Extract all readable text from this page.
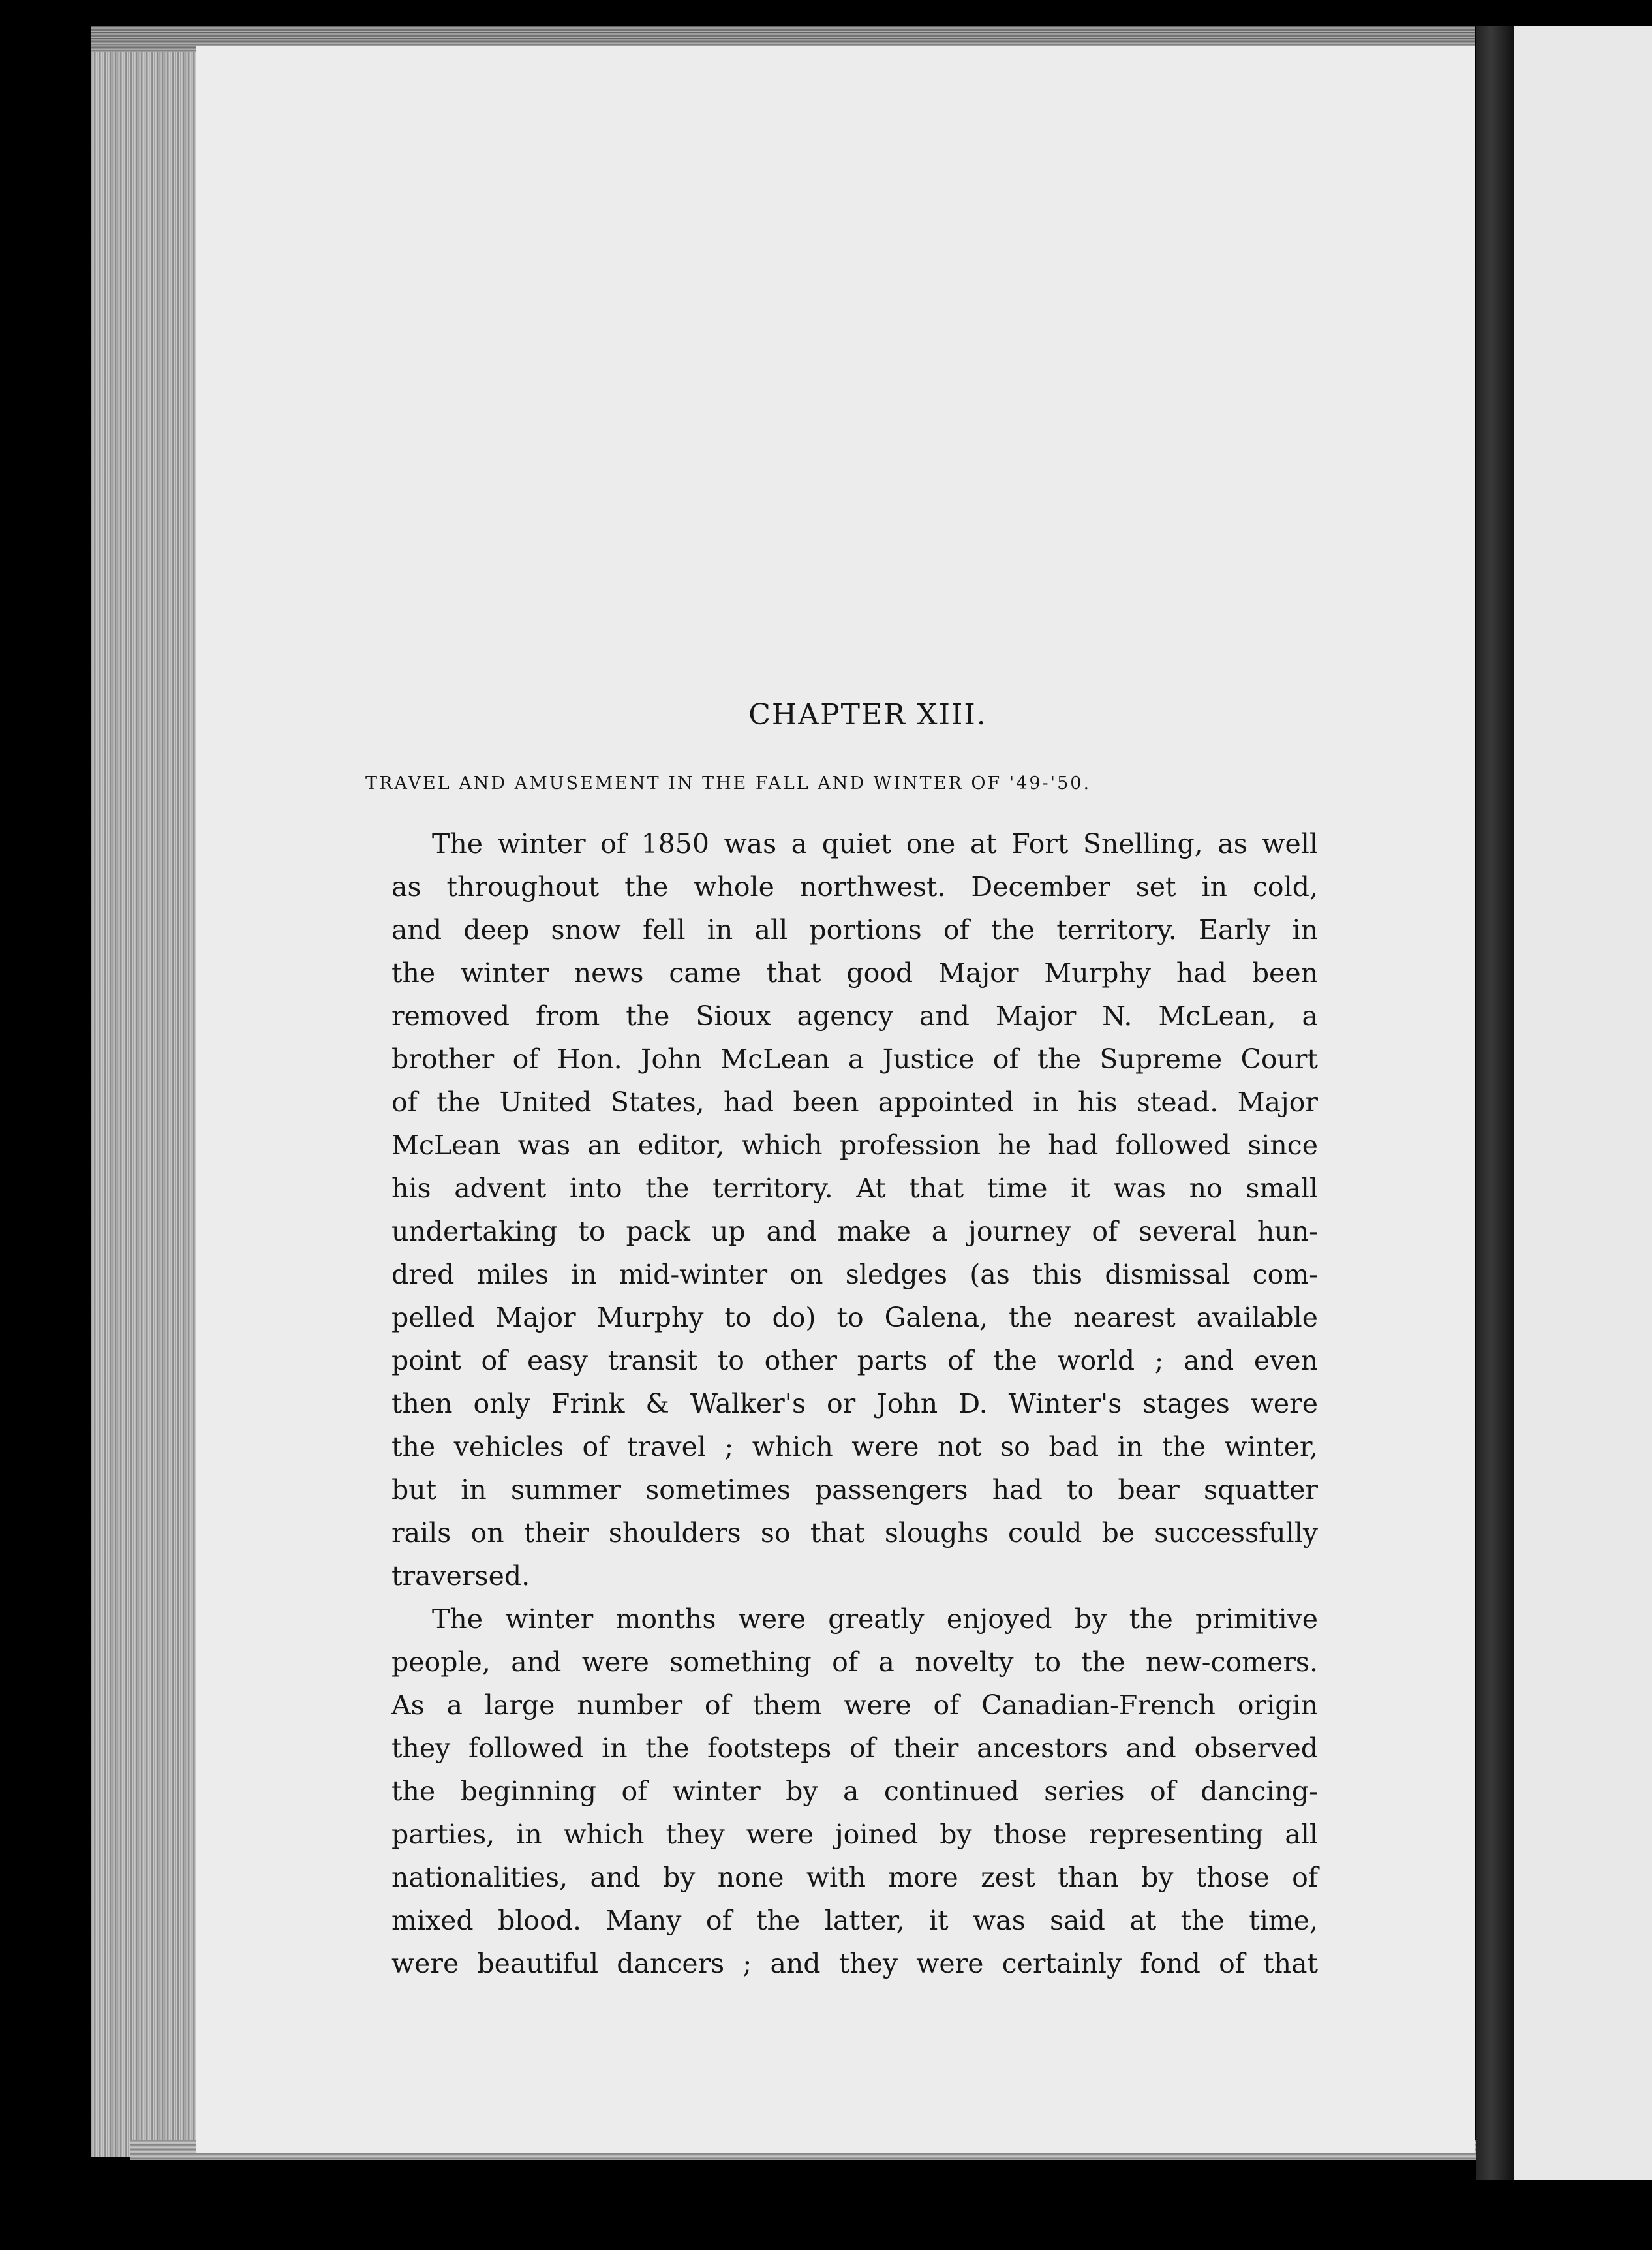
CHAPTER XIII.
TRAVEL AND AMUSEMENT IN THE FALL AND WINTER OF '49-'50.

The winter of 1850 was a quiet one at Fort Snelling, as well
as throughout the whole northwest. December set in cold,
and deep snow fell in all portions of the territory. Early in
the winter news came that good Major Murphy had been
removed from the Sioux agency and Major N. McLean, a
brother of Hon. John McLean a Justice of the Supreme Court
of the United States, had been appointed in his stead. Major
McLean was an editor, which profession he had followed since
his advent into the territory. At that time it was no small
undertaking to pack up and make a journey of several hun-
dred miles in mid-winter on sledges (as this dismissal com-
pelled Major Murphy to do) to Galena, the nearest available
point of easy transit to other parts of the world ; and even
then only Frink & Walker's or John D. Winter's stages were
the vehicles of travel ; which were not so bad in the winter,
but in summer sometimes passengers had to bear squatter
rails on their shoulders so that sloughs could be successfully
traversed.

The winter months were greatly enjoyed by the primitive
people, and were something of a novelty to the new-comers.
As a large number of them were of Canadian-French origin
they followed in the footsteps of their ancestors and observed
the beginning of winter by a continued series of dancing-
parties, in which they were joined by those representing all
nationalities, and by none with more zest than by those of
mixed blood. Many of the latter, it was said at the time,
were beautiful dancers ; and they were certainly fond of that
